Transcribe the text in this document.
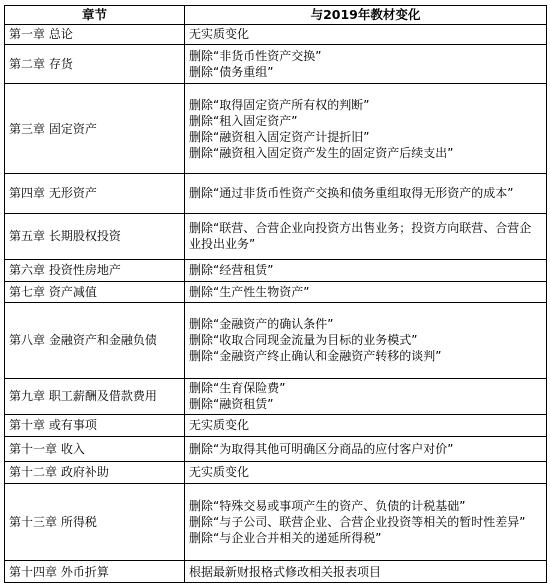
章节	与2019年教材变化
第一章 总论	无实质变化

第二章 存货	删除“非货币性资产交换”
删除“债务重组”

第三章 固定资产	删除“取得固定资产所有权的判断”
删除“租入固定资产”
删除“融资租入固定资产计提折旧”
删除“融资租入固定资产发生的固定资产后续支出”

第四章 无形资产	删除“通过非货币性资产交换和债务重组取得无形资产的成本”

第五章 长期股权投资	删除“联营、合营企业向投资方出售业务；投资方向联营、合营企业投出业务”

第六章 投资性房地产	删除“经营租赁”

第七章 资产减值	删除“生产性生物资产”

第八章 金融资产和金融负债	删除“金融资产的确认条件”
删除“收取合同现金流量为目标的业务模式”
删除“金融资产终止确认和金融资产转移的谈判”

第九章 职工薪酬及借款费用	删除“生育保险费”
删除“融资租赁”

第十章 或有事项	无实质变化

第十一章 收入	删除“为取得其他可明确区分商品的应付客户对价”

第十二章 政府补助	无实质变化

第十三章 所得税	删除“特殊交易或事项产生的资产、负债的计税基础”
删除“与子公司、联营企业、合营企业投资等相关的暂时性差异”
删除“与企业合并相关的递延所得税”

第十四章 外币折算	根据最新财报格式修改相关报表项目
